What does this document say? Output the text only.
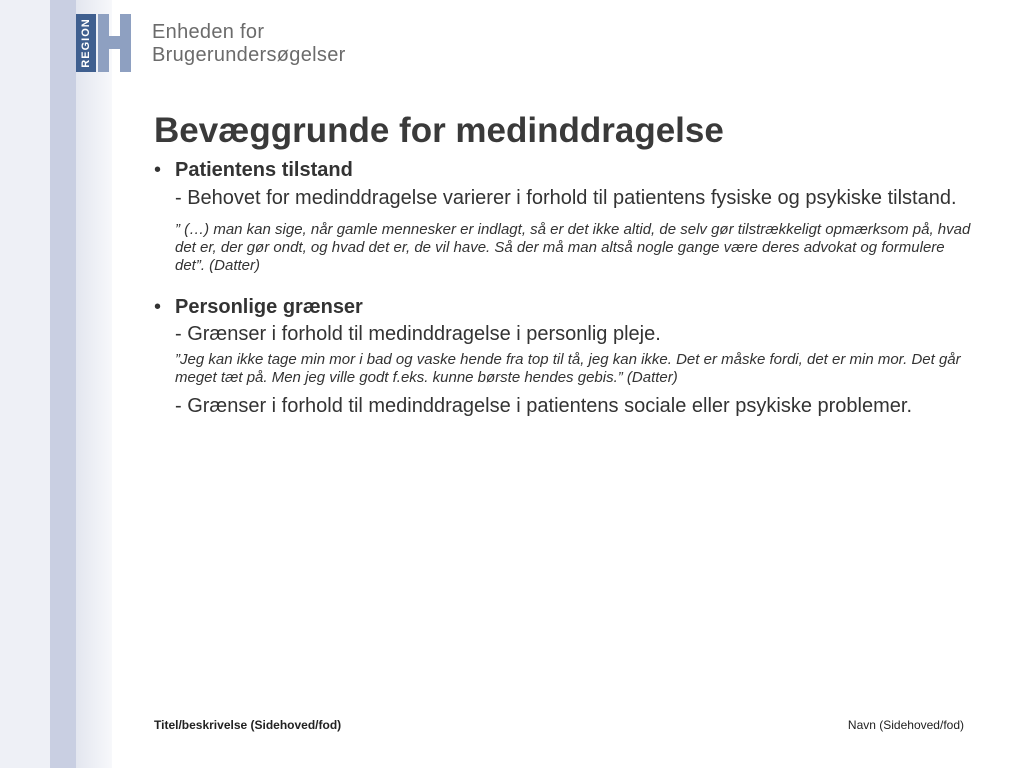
REGION	Enheden for
Brugerundersøgelser
Bevæggrunde for medinddragelse
• Patientens tilstand
- Behovet for medinddragelse varierer i forhold til patientens fysiske og psykiske tilstand.
” (…) man kan sige, når gamle mennesker er indlagt, så er det ikke altid, de selv gør tilstrækkeligt opmærksom på, hvad det er, der gør ondt, og hvad det er, de vil have. Så der må man altså nogle gange være deres advokat og formulere det”. (Datter)
• Personlige grænser
- Grænser i forhold til medinddragelse i personlig pleje.
”Jeg kan ikke tage min mor i bad og vaske hende fra top til tå, jeg kan ikke. Det er måske fordi, det er min mor. Det går meget tæt på. Men jeg ville godt f.eks. kunne børste hendes gebis.” (Datter)
- Grænser i forhold til medinddragelse i patientens sociale eller psykiske problemer.
Titel/beskrivelse (Sidehoved/fod)	Navn (Sidehoved/fod)
